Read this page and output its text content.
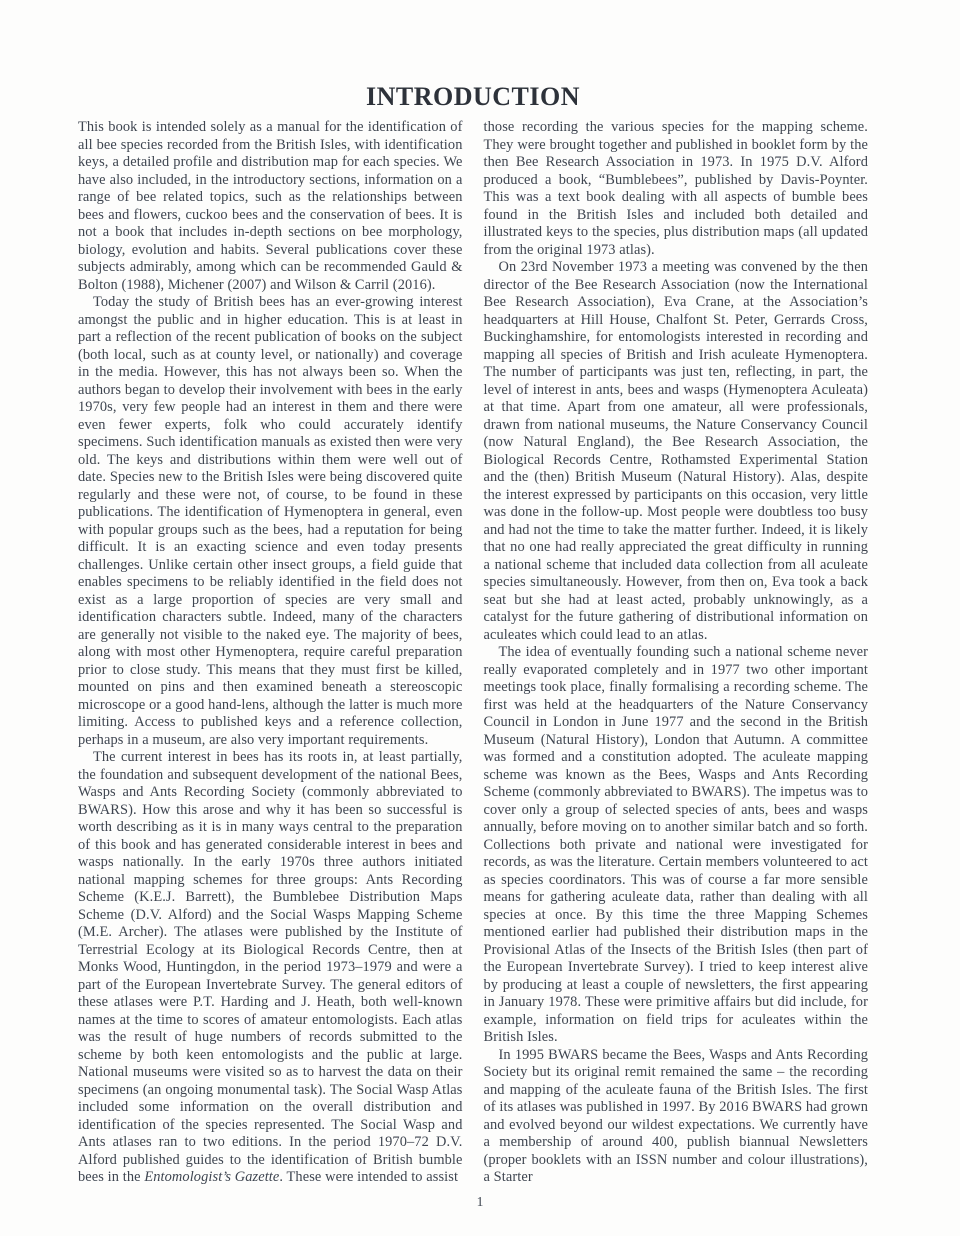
INTRODUCTION

This book is intended solely as a manual for the identification of all bee species recorded from the British Isles, with identification keys, a detailed profile and distribution map for each species. We have also included, in the introductory sections, information on a range of bee related topics, such as the relationships between bees and flowers, cuckoo bees and the conservation of bees. It is not a book that includes in-depth sections on bee morphology, biology, evolution and habits. Several publications cover these subjects admirably, among which can be recommended Gauld & Bolton (1988), Michener (2007) and Wilson & Carril (2016).

Today the study of British bees has an ever-growing interest amongst the public and in higher education. This is at least in part a reflection of the recent publication of books on the subject (both local, such as at county level, or nationally) and coverage in the media. However, this has not always been so. When the authors began to develop their involvement with bees in the early 1970s, very few people had an interest in them and there were even fewer experts, folk who could accurately identify specimens. Such identification manuals as existed then were very old. The keys and distributions within them were well out of date. Species new to the British Isles were being discovered quite regularly and these were not, of course, to be found in these publications. The identification of Hymenoptera in general, even with popular groups such as the bees, had a reputation for being difficult. It is an exacting science and even today presents challenges. Unlike certain other insect groups, a field guide that enables specimens to be reliably identified in the field does not exist as a large proportion of species are very small and identification characters subtle. Indeed, many of the characters are generally not visible to the naked eye. The majority of bees, along with most other Hymenoptera, require careful preparation prior to close study. This means that they must first be killed, mounted on pins and then examined beneath a stereoscopic microscope or a good hand-lens, although the latter is much more limiting. Access to published keys and a reference collection, perhaps in a museum, are also very important requirements.

The current interest in bees has its roots in, at least partially, the foundation and subsequent development of the national Bees, Wasps and Ants Recording Society (commonly abbreviated to BWARS). How this arose and why it has been so successful is worth describing as it is in many ways central to the preparation of this book and has generated considerable interest in bees and wasps nationally. In the early 1970s three authors initiated national mapping schemes for three groups: Ants Recording Scheme (K.E.J. Barrett), the Bumblebee Distribution Maps Scheme (D.V. Alford) and the Social Wasps Mapping Scheme (M.E. Archer). The atlases were published by the Institute of Terrestrial Ecology at its Biological Records Centre, then at Monks Wood, Huntingdon, in the period 1973–1979 and were a part of the European Invertebrate Survey. The general editors of these atlases were P.T. Harding and J. Heath, both well-known names at the time to scores of amateur entomologists. Each atlas was the result of huge numbers of records submitted to the scheme by both keen entomologists and the public at large. National museums were visited so as to harvest the data on their specimens (an ongoing monumental task). The Social Wasp Atlas included some information on the overall distribution and identification of the species represented. The Social Wasp and Ants atlases ran to two editions. In the period 1970–72 D.V. Alford published guides to the identification of British bumble bees in the Entomologist’s Gazette. These were intended to assist

those recording the various species for the mapping scheme. They were brought together and published in booklet form by the then Bee Research Association in 1973. In 1975 D.V. Alford produced a book, “Bumblebees”, published by Davis-Poynter. This was a text book dealing with all aspects of bumble bees found in the British Isles and included both detailed and illustrated keys to the species, plus distribution maps (all updated from the original 1973 atlas).

On 23rd November 1973 a meeting was convened by the then director of the Bee Research Association (now the International Bee Research Association), Eva Crane, at the Association’s headquarters at Hill House, Chalfont St. Peter, Gerrards Cross, Buckinghamshire, for entomologists interested in recording and mapping all species of British and Irish aculeate Hymenoptera. The number of participants was just ten, reflecting, in part, the level of interest in ants, bees and wasps (Hymenoptera Aculeata) at that time. Apart from one amateur, all were professionals, drawn from national museums, the Nature Conservancy Council (now Natural England), the Bee Research Association, the Biological Records Centre, Rothamsted Experimental Station and the (then) British Museum (Natural History). Alas, despite the interest expressed by participants on this occasion, very little was done in the follow-up. Most people were doubtless too busy and had not the time to take the matter further. Indeed, it is likely that no one had really appreciated the great difficulty in running a national scheme that included data collection from all aculeate species simultaneously. However, from then on, Eva took a back seat but she had at least acted, probably unknowingly, as a catalyst for the future gathering of distributional information on aculeates which could lead to an atlas.

The idea of eventually founding such a national scheme never really evaporated completely and in 1977 two other important meetings took place, finally formalising a recording scheme. The first was held at the headquarters of the Nature Conservancy Council in London in June 1977 and the second in the British Museum (Natural History), London that Autumn. A committee was formed and a constitution adopted. The aculeate mapping scheme was known as the Bees, Wasps and Ants Recording Scheme (commonly abbreviated to BWARS). The impetus was to cover only a group of selected species of ants, bees and wasps annually, before moving on to another similar batch and so forth. Collections both private and national were investigated for records, as was the literature. Certain members volunteered to act as species coordinators. This was of course a far more sensible means for gathering aculeate data, rather than dealing with all species at once. By this time the three Mapping Schemes mentioned earlier had published their distribution maps in the Provisional Atlas of the Insects of the British Isles (then part of the European Invertebrate Survey). I tried to keep interest alive by producing at least a couple of newsletters, the first appearing in January 1978. These were primitive affairs but did include, for example, information on field trips for aculeates within the British Isles.

In 1995 BWARS became the Bees, Wasps and Ants Recording Society but its original remit remained the same – the recording and mapping of the aculeate fauna of the British Isles. The first of its atlases was published in 1997. By 2016 BWARS had grown and evolved beyond our wildest expectations. We currently have a membership of around 400, publish biannual Newsletters (proper booklets with an ISSN number and colour illustrations), a Starter

1
